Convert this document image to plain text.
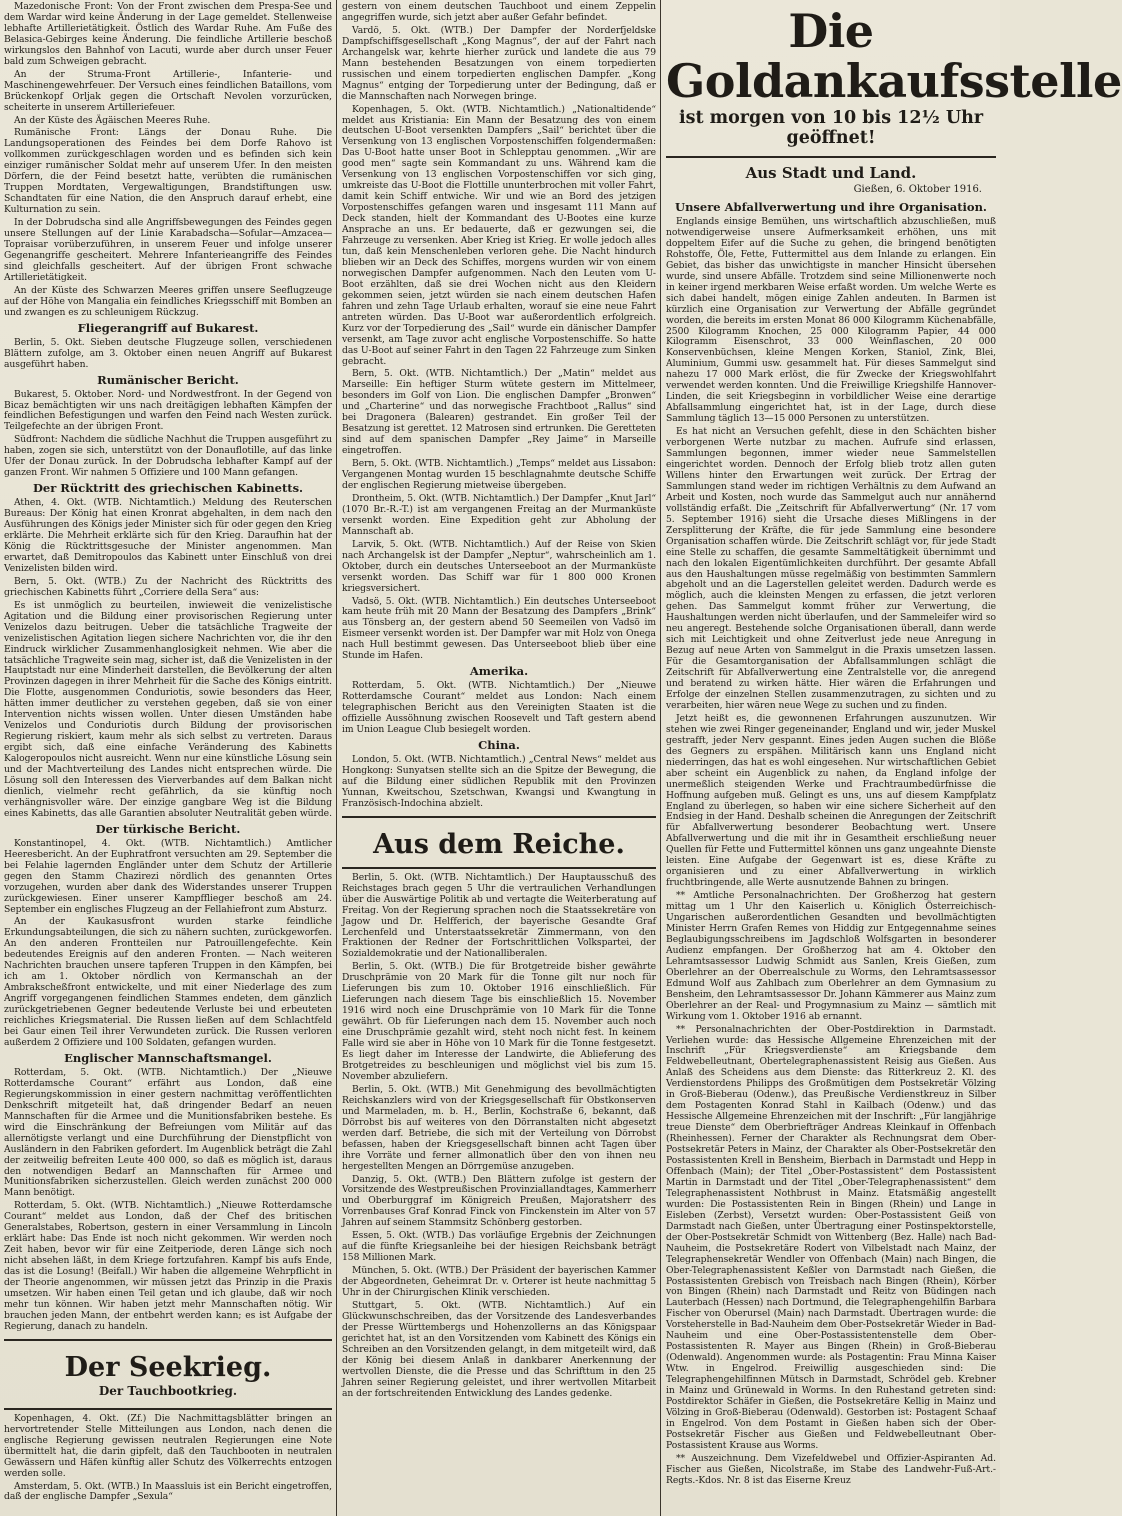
Mazedonische Front: Von der Front zwischen dem Prespa-See und dem Wardar wird keine Änderung in der Lage gemeldet. Stellenweise lebhafte Artillerietätigkeit. Östlich des Wardar Ruhe. Am Fuße des Belasica-Gebirges keine Änderung. Die feindliche Artillerie beschoß wirkungslos den Bahnhof von Lacuti, wurde aber durch unser Feuer bald zum Schweigen gebracht.

An der Struma-Front Artillerie-, Infanterie- und Maschinengewehrfeuer. Der Versuch eines feindlichen Bataillons, vom Brückenkopf Orljak gegen die Ortschaft Nevolen vorzurücken, scheiterte in unserem Artilleriefeuer.

An der Küste des Ägäischen Meeres Ruhe.

Rumänische Front: Längs der Donau Ruhe. Die Landungsoperationen des Feindes bei dem Dorfe Rahovo ist vollkommen zurückgeschlagen worden und es befinden sich kein einziger rumänischer Soldat mehr auf unserem Ufer. In den meisten Dörfern, die der Feind besetzt hatte, verübten die rumänischen Truppen Mordtaten, Vergewaltigungen, Brandstiftungen usw. Schandtaten für eine Nation, die den Anspruch darauf erhebt, eine Kulturnation zu sein.

In der Dobrudscha sind alle Angriffsbewegungen des Feindes gegen unsere Stellungen auf der Linie Karabadscha—Sofular—Amzacea—Topraisar vorüberzuführen, in unserem Feuer und infolge unserer Gegenangriffe gescheitert. Mehrere Infanterieangriffe des Feindes sind gleichfalls gescheitert. Auf der übrigen Front schwache Artillerietätigkeit.

An der Küste des Schwarzen Meeres griffen unsere Seeflugzeuge auf der Höhe von Mangalia ein feindliches Kriegsschiff mit Bomben an und zwangen es zu schleunigem Rückzug.

Fliegerangriff auf Bukarest.

Berlin, 5. Okt. Sieben deutsche Flugzeuge sollen, verschiedenen Blättern zufolge, am 3. Oktober einen neuen Angriff auf Bukarest ausgeführt haben.

Rumänischer Bericht.

Bukarest, 5. Oktober. Nord- und Nordwestfront. In der Gegend von Bicaz bemächtigten wir uns nach dreitägigen lebhaften Kämpfen der feindlichen Befestigungen und warfen den Feind nach Westen zurück. Teilgefechte an der übrigen Front.

Südfront: Nachdem die südliche Nachhut die Truppen ausgeführt zu haben, zogen sie sich, unterstützt von der Donauflotille, auf das linke Ufer der Donau zurück. In der Dobrudscha lebhafter Kampf auf der ganzen Front. Wir nahmen 5 Offiziere und 100 Mann gefangen.

Der Rücktritt des griechischen Kabinetts.

Athen, 4. Okt. (WTB. Nichtamtlich.) Meldung des Reuterschen Bureaus: Der König hat einen Kronrat abgehalten, in dem nach den Ausführungen des Königs jeder Minister sich für oder gegen den Krieg erklärte. Die Mehrheit erklärte sich für den Krieg. Daraufhin hat der König die Rücktrittsgesuche der Minister angenommen. Man erwartet, daß Demitropoulos das Kabinett unter Einschluß von drei Venizelisten bilden wird.

Bern, 5. Okt. (WTB.) Zu der Nachricht des Rücktritts des griechischen Kabinetts führt „Corriere della Sera“ aus:

Es ist unmöglich zu beurteilen, inwieweit die venizelistische Agitation und die Bildung einer provisorischen Regierung unter Venizelos dazu beitrugen. Ueber die tatsächliche Tragweite der venizelistischen Agitation liegen sichere Nachrichten vor, die ihr den Eindruck wirklicher Zusammenhanglosigkeit nehmen. Wie aber die tatsächliche Tragweite sein mag, sicher ist, daß die Venizelisten in der Hauptstadt nur eine Minderheit darstellen, die Bevölkerung der alten Provinzen dagegen in ihrer Mehrheit für die Sache des Königs eintritt. Die Flotte, ausgenommen Conduriotis, sowie besonders das Heer, hätten immer deutlicher zu verstehen gegeben, daß sie von einer Intervention nichts wissen wollen. Unter diesen Umständen habe Venizelos und Conduriotis durch Bildung der provisorischen Regierung riskiert, kaum mehr als sich selbst zu vertreten. Daraus ergibt sich, daß eine einfache Veränderung des Kabinetts Kalogeropoulos nicht ausreicht. Wenn nur eine künstliche Lösung sein und der Machtverteilung des Landes nicht entsprechen würde. Die Lösung soll den Interessen des Vierverbandes auf dem Balkan nicht dienlich, vielmehr recht gefährlich, da sie künftig noch verhängnisvoller wäre. Der einzige gangbare Weg ist die Bildung eines Kabinetts, das alle Garantien absoluter Neutralität geben würde.

Der türkische Bericht.

Konstantinopel, 4. Okt. (WTB. Nichtamtlich.) Amtlicher Heeresbericht. An der Euphratfront versuchten am 29. September die bei Felahie lagernden Engländer unter dem Schutz der Artillerie gegen den Stamm Chazirezi nördlich des genannten Ortes vorzugehen, wurden aber dank des Widerstandes unserer Truppen zurückgewiesen. Einer unserer Kampfflieger beschoß am 24. September ein englisches Flugzeug an der Fellahiefront zum Absturz.

An der Kaukasusfront wurden starke feindliche Erkundungsabteilungen, die sich zu nähern suchten, zurückgeworfen. An den anderen Frontteilen nur Patrouillengefechte. Kein bedeutendes Ereignis auf den anderen Fronten. — Nach weiteren Nachrichten brauchen unsere tapferen Truppen in den Kämpfen, bei ich am 1. Oktober nördlich von Kermanschah an der Ambrakscheßfront entwickelte, und mit einer Niederlage des zum Angriff vorgegangenen feindlichen Stammes endeten, dem gänzlich zurückgetriebenen Gegner bedeutende Verluste bei und erbeuteten reichliches Kriegsmaterial. Die Russen ließen auf dem Schlachtfeld bei Gaur einen Teil ihrer Verwundeten zurück. Die Russen verloren außerdem 2 Offiziere und 100 Soldaten, gefangen wurden.

Englischer Mannschaftsmangel.

Rotterdam, 5. Okt. (WTB. Nichtamtlich.) Der „Nieuwe Rotterdamsche Courant“ erfährt aus London, daß eine Regierungskommission in einer gestern nachmittag veröffentlichten Denkschrift mitgeteilt hat, daß dringender Bedarf an neuen Mannschaften für die Armee und die Munitionsfabriken bestehe. Es wird die Einschränkung der Befreiungen vom Militär auf das allernötigste verlangt und eine Durchführung der Dienstpflicht von Ausländern in den Fabriken gefordert. Im Augenblick beträgt die Zahl der zeitweilig befreiten Leute 400 000, so daß es möglich ist, daraus den notwendigen Bedarf an Mannschaften für Armee und Munitionsfabriken sicherzustellen. Gleich werden zunächst 200 000 Mann benötigt.

Rotterdam, 5. Okt. (WTB. Nichtamtlich.) „Nieuwe Rotterdamsche Courant“ meldet aus London, daß der Chef des britischen Generalstabes, Robertson, gestern in einer Versammlung in Lincoln erklärt habe: Das Ende ist noch nicht gekommen. Wir werden noch Zeit haben, bevor wir für eine Zeitperiode, deren Länge sich noch nicht absehen läßt, in dem Kriege fortzufahren. Kampf bis aufs Ende, das ist die Losung! (Beifall.) Wir haben die allgemeine Wehrpflicht in der Theorie angenommen, wir müssen jetzt das Prinzip in die Praxis umsetzen. Wir haben einen Teil getan und ich glaube, daß wir noch mehr tun können. Wir haben jetzt mehr Mannschaften nötig. Wir brauchen jeden Mann, der entbehrt werden kann; es ist Aufgabe der Regierung, danach zu handeln.

Der Seekrieg.
Der Tauchbootkrieg.

Kopenhagen, 4. Okt. (Zf.) Die Nachmittagsblätter bringen an hervortretender Stelle Mitteilungen aus London, nach denen die englische Regierung gewissen neutralen Regierungen eine Note übermittelt hat, die darin gipfelt, daß den Tauchbooten in neutralen Gewässern und Häfen künftig aller Schutz des Völkerrechts entzogen werden solle.

Amsterdam, 5. Okt. (WTB.) In Maassluis ist ein Bericht eingetroffen, daß der englische Dampfer „Sexula“

gestern von einem deutschen Tauchboot und einem Zeppelin angegriffen wurde, sich jetzt aber außer Gefahr befindet.

Vardö, 5. Okt. (WTB.) Der Dampfer der Norderfjeldske Dampfschiffsgesellschaft „Kong Magnus“, der auf der Fahrt nach Archangelsk war, kehrte hierher zurück und landete die aus 79 Mann bestehenden Besatzungen von einem torpedierten russischen und einem torpedierten englischen Dampfer. „Kong Magnus“ entging der Torpedierung unter der Bedingung, daß er die Mannschaften nach Norwegen bringe.

Kopenhagen, 5. Okt. (WTB. Nichtamtlich.) „Nationaltidende“ meldet aus Kristiania: Ein Mann der Besatzung des von einem deutschen U-Boot versenkten Dampfers „Sail“ berichtet über die Versenkung von 13 englischen Vorpostenschiffen folgendermaßen: Das U-Boot hatte unser Boot in Schlepptau genommen. „Wir are good men“ sagte sein Kommandant zu uns. Während kam die Versenkung von 13 englischen Vorpostenschiffen vor sich ging, umkreiste das U-Boot die Flottille ununterbrochen mit voller Fahrt, damit kein Schiff entwiche. Wir und wie an Bord des jetzigen Vorpostenschiffes gefangen waren und insgesamt 111 Mann auf Deck standen, hielt der Kommandant des U-Bootes eine kurze Ansprache an uns. Er bedauerte, daß er gezwungen sei, die Fahrzeuge zu versenken. Aber Krieg ist Krieg. Er wolle jedoch alles tun, daß kein Menschenleben verloren gehe. Die Nacht hindurch blieben wir an Deck des Schiffes, morgens wurden wir von einem norwegischen Dampfer aufgenommen. Nach den Leuten vom U-Boot erzählten, daß sie drei Wochen nicht aus den Kleidern gekommen seien, jetzt würden sie nach einem deutschen Hafen fahren und zehn Tage Urlaub erhalten, worauf sie eine neue Fahrt antreten würden. Das U-Boot war außerordentlich erfolgreich. Kurz vor der Torpedierung des „Sail“ wurde ein dänischer Dampfer versenkt, am Tage zuvor acht englische Vorpostenschiffe. So hatte das U-Boot auf seiner Fahrt in den Tagen 22 Fahrzeuge zum Sinken gebracht.

Bern, 5. Okt. (WTB. Nichtamtlich.) Der „Matin“ meldet aus Marseille: Ein heftiger Sturm wütete gestern im Mittelmeer, besonders im Golf von Lion. Die englischen Dampfer „Bronwen“ und „Charterine“ und das norwegische Frachtboot „Rallus“ sind bei Dragonera (Balearen) gestrandet. Ein großer Teil der Besatzung ist gerettet. 12 Matrosen sind ertrunken. Die Geretteten sind auf dem spanischen Dampfer „Rey Jaime“ in Marseille eingetroffen.

Bern, 5. Okt. (WTB. Nichtamtlich.) „Temps“ meldet aus Lissabon: Vergangenen Montag wurden 15 beschlagnahmte deutsche Schiffe der englischen Regierung mietweise übergeben.

Drontheim, 5. Okt. (WTB. Nichtamtlich.) Der Dampfer „Knut Jarl“ (1070 Br.-R.-T.) ist am vergangenen Freitag an der Murmanküste versenkt worden. Eine Expedition geht zur Abholung der Mannschaft ab.

Larvik, 5. Okt. (WTB. Nichtamtlich.) Auf der Reise von Skien nach Archangelsk ist der Dampfer „Neptur“, wahrscheinlich am 1. Oktober, durch ein deutsches Unterseeboot an der Murmanküste versenkt worden. Das Schiff war für 1 800 000 Kronen kriegsversichert.

Vadsö, 5. Okt. (WTB. Nichtamtlich.) Ein deutsches Unterseeboot kam heute früh mit 20 Mann der Besatzung des Dampfers „Brink“ aus Tönsberg an, der gestern abend 50 Seemeilen von Vadsö im Eismeer versenkt worden ist. Der Dampfer war mit Holz von Onega nach Hull bestimmt gewesen. Das Unterseeboot blieb über eine Stunde im Hafen.

Amerika.

Rotterdam, 5. Okt. (WTB. Nichtamtlich.) Der „Nieuwe Rotterdamsche Courant“ meldet aus London: Nach einem telegraphischen Bericht aus den Vereinigten Staaten ist die offizielle Aussöhnung zwischen Roosevelt und Taft gestern abend im Union League Club besiegelt worden.

China.

London, 5. Okt. (WTB. Nichtamtlich.) „Central News“ meldet aus Hongkong: Sunyatsen stellte sich an die Spitze der Bewegung, die auf die Bildung einer südlichen Republik mit den Provinzen Yunnan, Kweitschou, Szetschwan, Kwangsi und Kwangtung in Französisch-Indochina abzielt.

Aus dem Reiche.

Berlin, 5. Okt. (WTB. Nichtamtlich.) Der Hauptausschuß des Reichstages brach gegen 5 Uhr die vertraulichen Verhandlungen über die Auswärtige Politik ab und vertagte die Weiterberatung auf Freitag. Von der Regierung sprachen noch die Staatssekretäre von Jagow und Dr. Helfferich, der bayerische Gesandte Graf Lerchenfeld und Unterstaatssekretär Zimmermann, von den Fraktionen der Redner der Fortschrittlichen Volkspartei, der Sozialdemokratie und der Nationalliberalen.

Berlin, 5. Okt. (WTB.) Die für Brotgetreide bisher gewährte Druschprämie von 20 Mark für die Tonne gilt nur noch für Lieferungen bis zum 10. Oktober 1916 einschließlich. Für Lieferungen nach diesem Tage bis einschließlich 15. November 1916 wird noch eine Druschprämie von 10 Mark für die Tonne gewährt. Ob für Lieferungen nach dem 15. November auch noch eine Druschprämie gezahlt wird, steht noch nicht fest. In keinem Falle wird sie aber in Höhe von 10 Mark für die Tonne festgesetzt. Es liegt daher im Interesse der Landwirte, die Ablieferung des Brotgetreides zu beschleunigen und möglichst viel bis zum 15. November abzuliefern.

Berlin, 5. Okt. (WTB.) Mit Genehmigung des bevollmächtigten Reichskanzlers wird von der Kriegsgesellschaft für Obstkonserven und Marmeladen, m. b. H., Berlin, Kochstraße 6, bekannt, daß Dörrobst bis auf weiteres von den Dörranstalten nicht abgesetzt werden darf. Betriebe, die sich mit der Verteilung von Dörrobst befassen, haben der Kriegsgesellschaft binnen acht Tagen über ihre Vorräte und ferner allmonatlich über den von ihnen neu hergestellten Mengen an Dörrgemüse anzugeben.

Danzig, 5. Okt. (WTB.) Den Blättern zufolge ist gestern der Vorsitzende des Westpreußischen Provinziallandtages, Kammerherr und Oberburggraf im Königreich Preußen, Majoratsherr des Vorrenbauses Graf Konrad Finck von Finckenstein im Alter von 57 Jahren auf seinem Stammsitz Schönberg gestorben.

Essen, 5. Okt. (WTB.) Das vorläufige Ergebnis der Zeichnungen auf die fünfte Kriegsanleihe bei der hiesigen Reichsbank beträgt 158 Millionen Mark.

München, 5. Okt. (WTB.) Der Präsident der bayerischen Kammer der Abgeordneten, Geheimrat Dr. v. Orterer ist heute nachmittag 5 Uhr in der Chirurgischen Klinik verschieden.

Stuttgart, 5. Okt. (WTB. Nichtamtlich.) Auf ein Glückwunschschreiben, das der Vorsitzende des Landesverbandes der Presse Württembergs und Hohenzollerns an das Königspaar gerichtet hat, ist an den Vorsitzenden vom Kabinett des Königs ein Schreiben an den Vorsitzenden gelangt, in dem mitgeteilt wird, daß der König bei diesem Anlaß in dankbarer Anerkennung der wertvollen Dienste, die die Presse und das Schrifttum in den 25 Jahren seiner Regierung geleistet, und ihrer wertvollen Mitarbeit an der fortschreitenden Entwicklung des Landes gedenke.

Die Goldankaufsstelle
ist morgen von 10 bis 12½ Uhr geöffnet!
Aus Stadt und Land.
Gießen, 6. Oktober 1916.
Unsere Abfallverwertung und ihre Organisation.

Englands einsige Bemühen, uns wirtschaftlich abzuschließen, muß notwendigerweise unsere Aufmerksamkeit erhöhen, uns mit doppeltem Eifer auf die Suche zu gehen, die bringend benötigten Rohstoffe, Öle, Fette, Futtermittel aus dem Inlande zu erlangen. Ein Gebiet, das bisher das unwichtigste in mancher Hinsicht übersehen wurde, sind unsere Abfälle. Trotzdem sind seine Millionenwerte noch in keiner irgend merkbaren Weise erfaßt worden. Um welche Werte es sich dabei handelt, mögen einige Zahlen andeuten. In Barmen ist kürzlich eine Organisation zur Verwertung der Abfälle gegründet worden, die bereits im ersten Monat 86 000 Kilogramm Küchenabfälle, 2500 Kilogramm Knochen, 25 000 Kilogramm Papier, 44 000 Kilogramm Eisenschrot, 33 000 Weinflaschen, 20 000 Konservenbüchsen, kleine Mengen Korken, Staniol, Zink, Blei, Aluminium, Gummi usw. gesammelt hat. Für dieses Sammelgut sind nahezu 17 000 Mark erlöst, die für Zwecke der Kriegswohlfahrt verwendet werden konnten. Und die Freiwillige Kriegshilfe Hannover-Linden, die seit Kriegsbeginn in vorbildlicher Weise eine derartige Abfallsammlung eingerichtet hat, ist in der Lage, durch diese Sammlung täglich 13—15 000 Personen zu unterstützen.

Es hat nicht an Versuchen gefehlt, diese in den Schächten bisher verborgenen Werte nutzbar zu machen. Aufrufe sind erlassen, Sammlungen begonnen, immer wieder neue Sammelstellen eingerichtet worden. Dennoch der Erfolg blieb trotz allen guten Willens hinter den Erwartungen weit zurück. Der Ertrag der Sammlungen stand weder im richtigen Verhältnis zu dem Aufwand an Arbeit und Kosten, noch wurde das Sammelgut auch nur annähernd vollständig erfaßt. Die „Zeitschrift für Abfallverwertung“ (Nr. 17 vom 5. September 1916) sieht die Ursache dieses Mißlingens in der Zersplitterung der Kräfte, die für jede Sammlung eine besondere Organisation schaffen würde. Die Zeitschrift schlägt vor, für jede Stadt eine Stelle zu schaffen, die gesamte Sammeltätigkeit übernimmt und nach den lokalen Eigentümlichkeiten durchführt. Der gesamte Abfall aus den Haushaltungen müsse regelmäßig von bestimmten Sammlern abgeholt und an die Lagerstellen geleitet werden. Dadurch werde es möglich, auch die kleinsten Mengen zu erfassen, die jetzt verloren gehen. Das Sammelgut kommt früher zur Verwertung, die Haushaltungen werden nicht überlaufen, und der Sammeleifer wird so neu angeregt. Bestehende solche Organisationen überall, dann werde sich mit Leichtigkeit und ohne Zeitverlust jede neue Anregung in Bezug auf neue Arten von Sammelgut in die Praxis umsetzen lassen. Für die Gesamtorganisation der Abfallsammlungen schlägt die Zeitschrift für Abfallverwertung eine Zentralstelle vor, die anregend und beratend zu wirken hätte. Hier wären die Erfahrungen und Erfolge der einzelnen Stellen zusammenzutragen, zu sichten und zu verarbeiten, hier wären neue Wege zu suchen und zu finden.

Jetzt heißt es, die gewonnenen Erfahrungen auszunutzen. Wir stehen wie zwei Ringer gegeneinander, England und wir, jeder Muskel gestrafft, jeder Nerv gespannt. Eines jeden Augen suchen die Blöße des Gegners zu erspähen. Militärisch kann uns England nicht niederringen, das hat es wohl eingesehen. Nur wirtschaftlichen Gebiet aber scheint ein Augenblick zu nahen, da England infolge der unermeßlich steigenden Werke und Frachtraumbedürfnisse die Hoffnung aufgeben muß. Gelingt es uns, uns auf diesem Kampfplatz England zu überlegen, so haben wir eine sichere Sicherheit auf den Endsieg in der Hand. Deshalb scheinen die Anregungen der Zeitschrift für Abfallverwertung besonderer Beobachtung wert. Unsere Abfallverwertung und die mit ihr in Gesamtheit erschließung neuer Quellen für Fette und Futtermittel können uns ganz ungeahnte Dienste leisten. Eine Aufgabe der Gegenwart ist es, diese Kräfte zu organisieren und zu einer Abfallverwertung in wirklich fruchtbringende, alle Werte ausnutzende Bahnen zu bringen.

** Amtliche Personalnachrichten. Der Großherzog hat gestern mittag um 1 Uhr den Kaiserlich u. Königlich Österreichisch-Ungarischen außerordentlichen Gesandten und bevollmächtigten Minister Herrn Grafen Remes von Hiddig zur Entgegennahme seines Beglaubigungsschreibens im Jagdschloß Wolfsgarten in besonderer Audienz empfangen. Der Großherzog hat am 4. Oktober den Lehramtsassessor Ludwig Schmidt aus Sanlen, Kreis Gießen, zum Oberlehrer an der Oberrealschule zu Worms, den Lehramtsassessor Edmund Wolf aus Zahlbach zum Oberlehrer an dem Gymnasium zu Bensheim, den Lehramtsassessor Dr. Johann Kämmerer aus Mainz zum Oberlehrer an der Real- und Progymnasium zu Mainz — sämtlich mit Wirkung vom 1. Oktober 1916 ab ernannt.

** Personalnachrichten der Ober-Postdirektion in Darmstadt. Verliehen wurde: das Hessische Allgemeine Ehrenzeichen mit der Inschrift „Für Kriegsverdienste“ am Kriegsbande dem Feldwebelleutnant, Obertelegraphenassistent Reisig aus Gießen. Aus Anlaß des Scheidens aus dem Dienste: das Ritterkreuz 2. Kl. des Verdienstordens Philipps des Großmütigen dem Postsekretär Völzing in Groß-Bieberau (Odenw.), das Preußische Verdienstkreuz in Silber dem Postagenten Konrad Stahl in Kailbach (Odenw.) und das Hessische Allgemeine Ehrenzeichen mit der Inschrift: „Für langjährige treue Dienste“ dem Oberbriefträger Andreas Kleinkauf in Offenbach (Rheinhessen). Ferner der Charakter als Rechnungsrat dem Ober-Postsekretär Peters in Mainz, der Charakter als Ober-Postsekretär den Postassistenten Krell in Bensheim, Bierbach in Darmstadt und Hepp in Offenbach (Main); der Titel „Ober-Postassistent“ dem Postassistent Martin in Darmstadt und der Titel „Ober-Telegraphenassistent“ dem Telegraphenassistent Nothbrust in Mainz. Etatsmäßig angestellt wurden: Die Postassistenten Rein in Bingen (Rhein) und Lange in Eisleben (Zerbst), Versetzt wurden: Ober-Postassistent Geiß von Darmstadt nach Gießen, unter Übertragung einer Postinspektorstelle, der Ober-Postsekretär Schmidt von Wittenberg (Bez. Halle) nach Bad-Nauheim, die Postsekretäre Rodert von Vilbelstadt nach Mainz, der Telegraphensekretär Wendler von Offenbach (Main) nach Bingen, die Ober-Telegraphenassistent Keßler von Darmstadt nach Gießen, die Postassistenten Grebisch von Treisbach nach Bingen (Rhein), Körber von Bingen (Rhein) nach Darmstadt und Reitz von Büdingen nach Lauterbach (Hessen) nach Dortmund, die Telegraphengehilfin Barbara Fischer von Oberursel (Main) nach Darmstadt. Übertragen wurde: die Vorsteherstelle in Bad-Nauheim dem Ober-Postsekretär Wieder in Bad-Nauheim und eine Ober-Postassistentenstelle dem Ober-Postassistenten R. Mayer aus Bingen (Rhein) in Groß-Bieberau (Odenwald). Angenommen wurde: als Postagentin: Frau Minna Kaiser Wtw. in Engelrod. Freiwillig ausgeschieden sind: Die Telegraphengehilfinnen Mütsch in Darmstadt, Schrödel geb. Krebner in Mainz und Grünewald in Worms. In den Ruhestand getreten sind: Postdirektor Schäfer in Gießen, die Postsekretäre Kellig in Mainz und Völzing in Groß-Bieberau (Odenwald). Gestorben ist: Postagent Schaaf in Engelrod. Von dem Postamt in Gießen haben sich der Ober-Postsekretär Fischer aus Gießen und Feldwebelleutnant Ober-Postassistent Krause aus Worms.

** Auszeichnung. Dem Vizefeldwebel und Offizier-Aspiranten Ad. Fischer aus Gießen, Nicolstraße, im Stabe des Landwehr-Fuß-Art.-Regts.-Kdos. Nr. 8 ist das Eiserne Kreuz
